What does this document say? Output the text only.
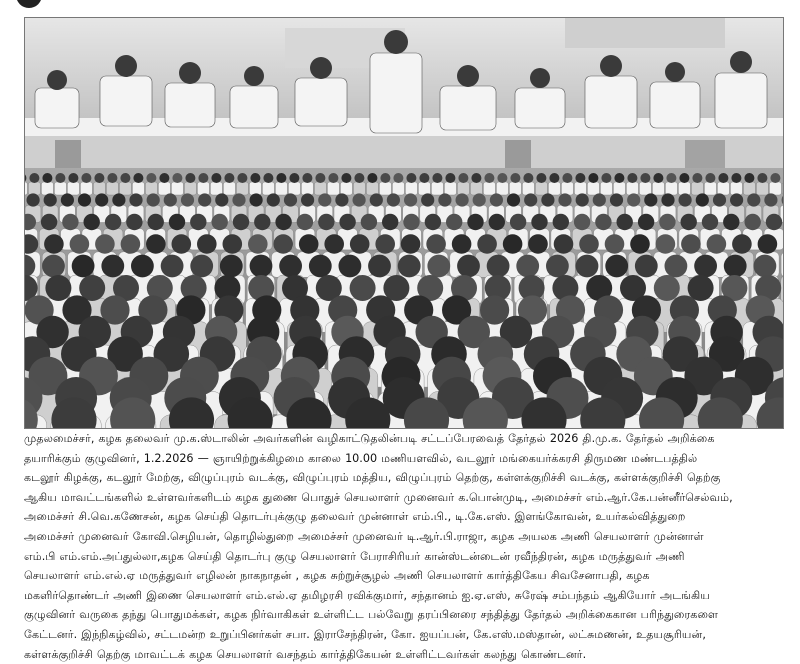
முதலமைச்சர், கழக தலைவர் மு.க.ஸ்டாலின் அவர்களின் வழிகாட்டுதலின்படி சட்டப்பேரவைத் தேர்தல் 2026 தி.மு.க. தேர்தல் அறிக்கை
தயாரிக்கும் குழுவினர், 1.2.2026 — ஞாயிற்றுக்கிழமை காலை 10.00 மணியளவில், வடலூர் மங்கையர்க்கரசி திருமண மண்டபத்தில்
கடலூர் கிழக்கு, கடலூர் மேற்கு, விழுப்புரம் வடக்கு, விழுப்புரம் மத்திய, விழுப்புரம் தெற்கு, கள்ளக்குறிச்சி வடக்கு, கள்ளக்குறிச்சி தெற்கு
ஆகிய மாவட்டங்களில் உள்ளவர்களிடம் கழக துணை பொதுச் செயலாளர் முனைவர் க.பொன்முடி, அமைச்சர் எம்.ஆர்.கே.பன்னீர்செல்வம்,
அமைச்சர் சி.வெ.கணேசன், கழக செய்தி தொடர்புக்குழு தலைவர் முன்னாள் எம்.பி., டி.கே.எஸ். இளங்கோவன், உயர்கல்வித்துறை
அமைச்சர் முனைவர் கோவி.செழியன், தொழில்துறை அமைச்சர் முனைவர் டி.ஆர்.பி.ராஜா, கழக அயலக அணி செயலாளர் முன்னாள்
எம்.பி எம்.எம்.அப்துல்லா,கழக செய்தி தொடர்பு குழு செயலாளர் பேராசிரியர் கான்ஸ்டன்டைன் ரவீந்திரன், கழக மருத்துவர் அணி
செயலாளர் எம்.எல்.ஏ மருத்துவர் எழிலன் நாகநாதன் , கழக சுற்றுச்சூழல் அணி செயலாளர் கார்த்திகேய சிவசேனாபதி, கழக
மகளிர்தொண்டர் அணி இணை செயலாளர் எம்.எல்.ஏ தமிழரசி ரவிக்குமார், சந்தானம் ஐ.ஏ.எஸ், சுரேஷ் சம்பந்தம் ஆகியோர் அடங்கிய
குழுவினர் வருகை தந்து பொதுமக்கள், கழக நிர்வாகிகள் உள்ளிட்ட பல்வேறு தரப்பினரை சந்தித்து தேர்தல் அறிக்கைகான பரிந்துரைகளை
கேட்டனர். இந்நிகழ்வில், சட்டமன்ற உறுப்பினர்கள் சபா. இராசேந்திரன், கோ. ஐயப்பன், கே.எஸ்.மஸ்தான், லட்சுமணன், உதயசூரியன்,
கள்ளக்குறிச்சி தெற்கு மாவட்டக் கழக செயலாளர் வசந்தம் கார்த்திகேயன் உள்ளிட்டவர்கள் கலந்து கொண்டனர்.
